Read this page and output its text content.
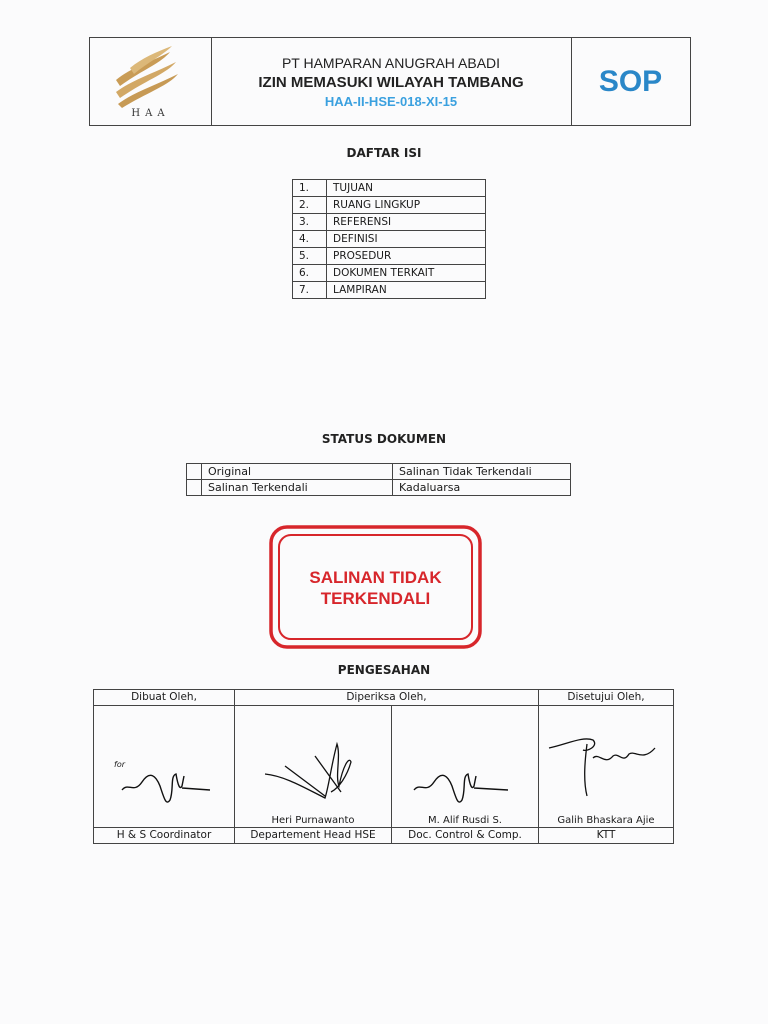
HAA
PT HAMPARAN ANUGRAH ABADI
IZIN MEMASUKI WILAYAH TAMBANG
HAA-II-HSE-018-XI-15
SOP
DAFTAR ISI
1.	TUJUAN
2.	RUANG LINGKUP
3.	REFERENSI
4.	DEFINISI
5.	PROSEDUR
6.	DOKUMEN TERKAIT
7.	LAMPIRAN
STATUS DOKUMEN
	Original	Salinan Tidak Terkendali
	Salinan Terkendali	Kadaluarsa
SALINAN TIDAK
TERKENDALI
PENGESAHAN
Dibuat Oleh,	Diperiksa Oleh,		Disetujui Oleh,

for	Heri Purnawanto	M. Alif Rusdi S.	Galih Bhaskara Ajie

H & S Coordinator	Departement Head HSE	Doc. Control & Comp.	KTT
